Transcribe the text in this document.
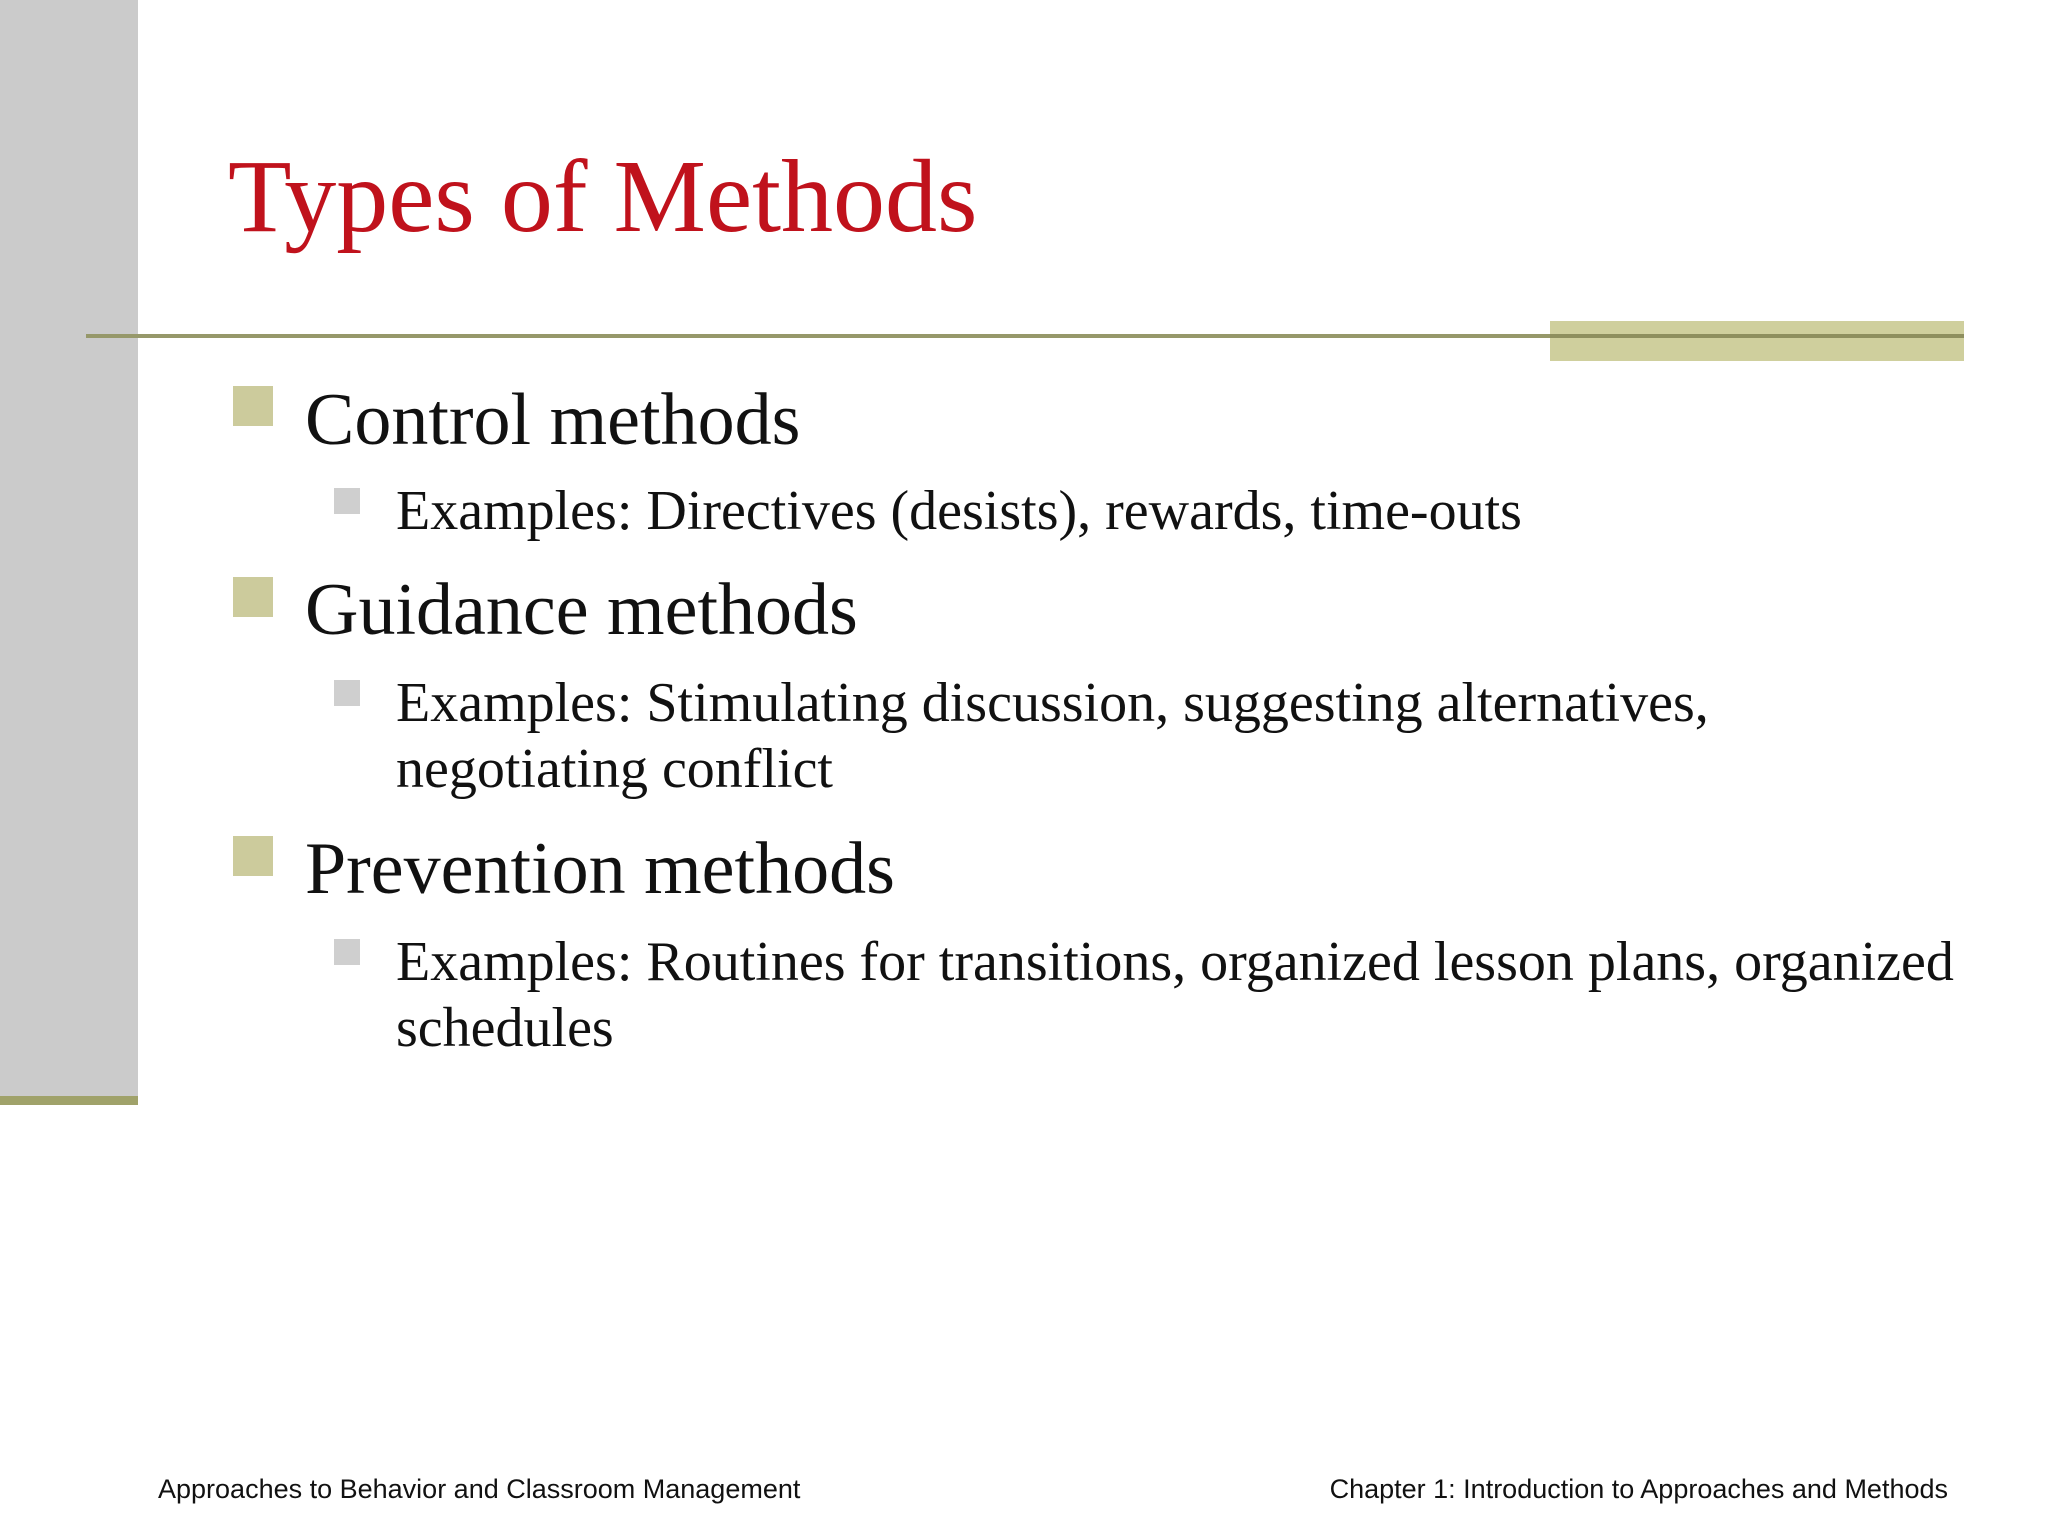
Types of Methods
Control methods
Examples: Directives (desists), rewards, time-outs
Guidance methods
Examples: Stimulating discussion, suggesting alternatives, negotiating conflict
Prevention methods
Examples: Routines for transitions, organized lesson plans, organized schedules
Approaches to Behavior and Classroom Management	Chapter 1: Introduction to Approaches and Methods
